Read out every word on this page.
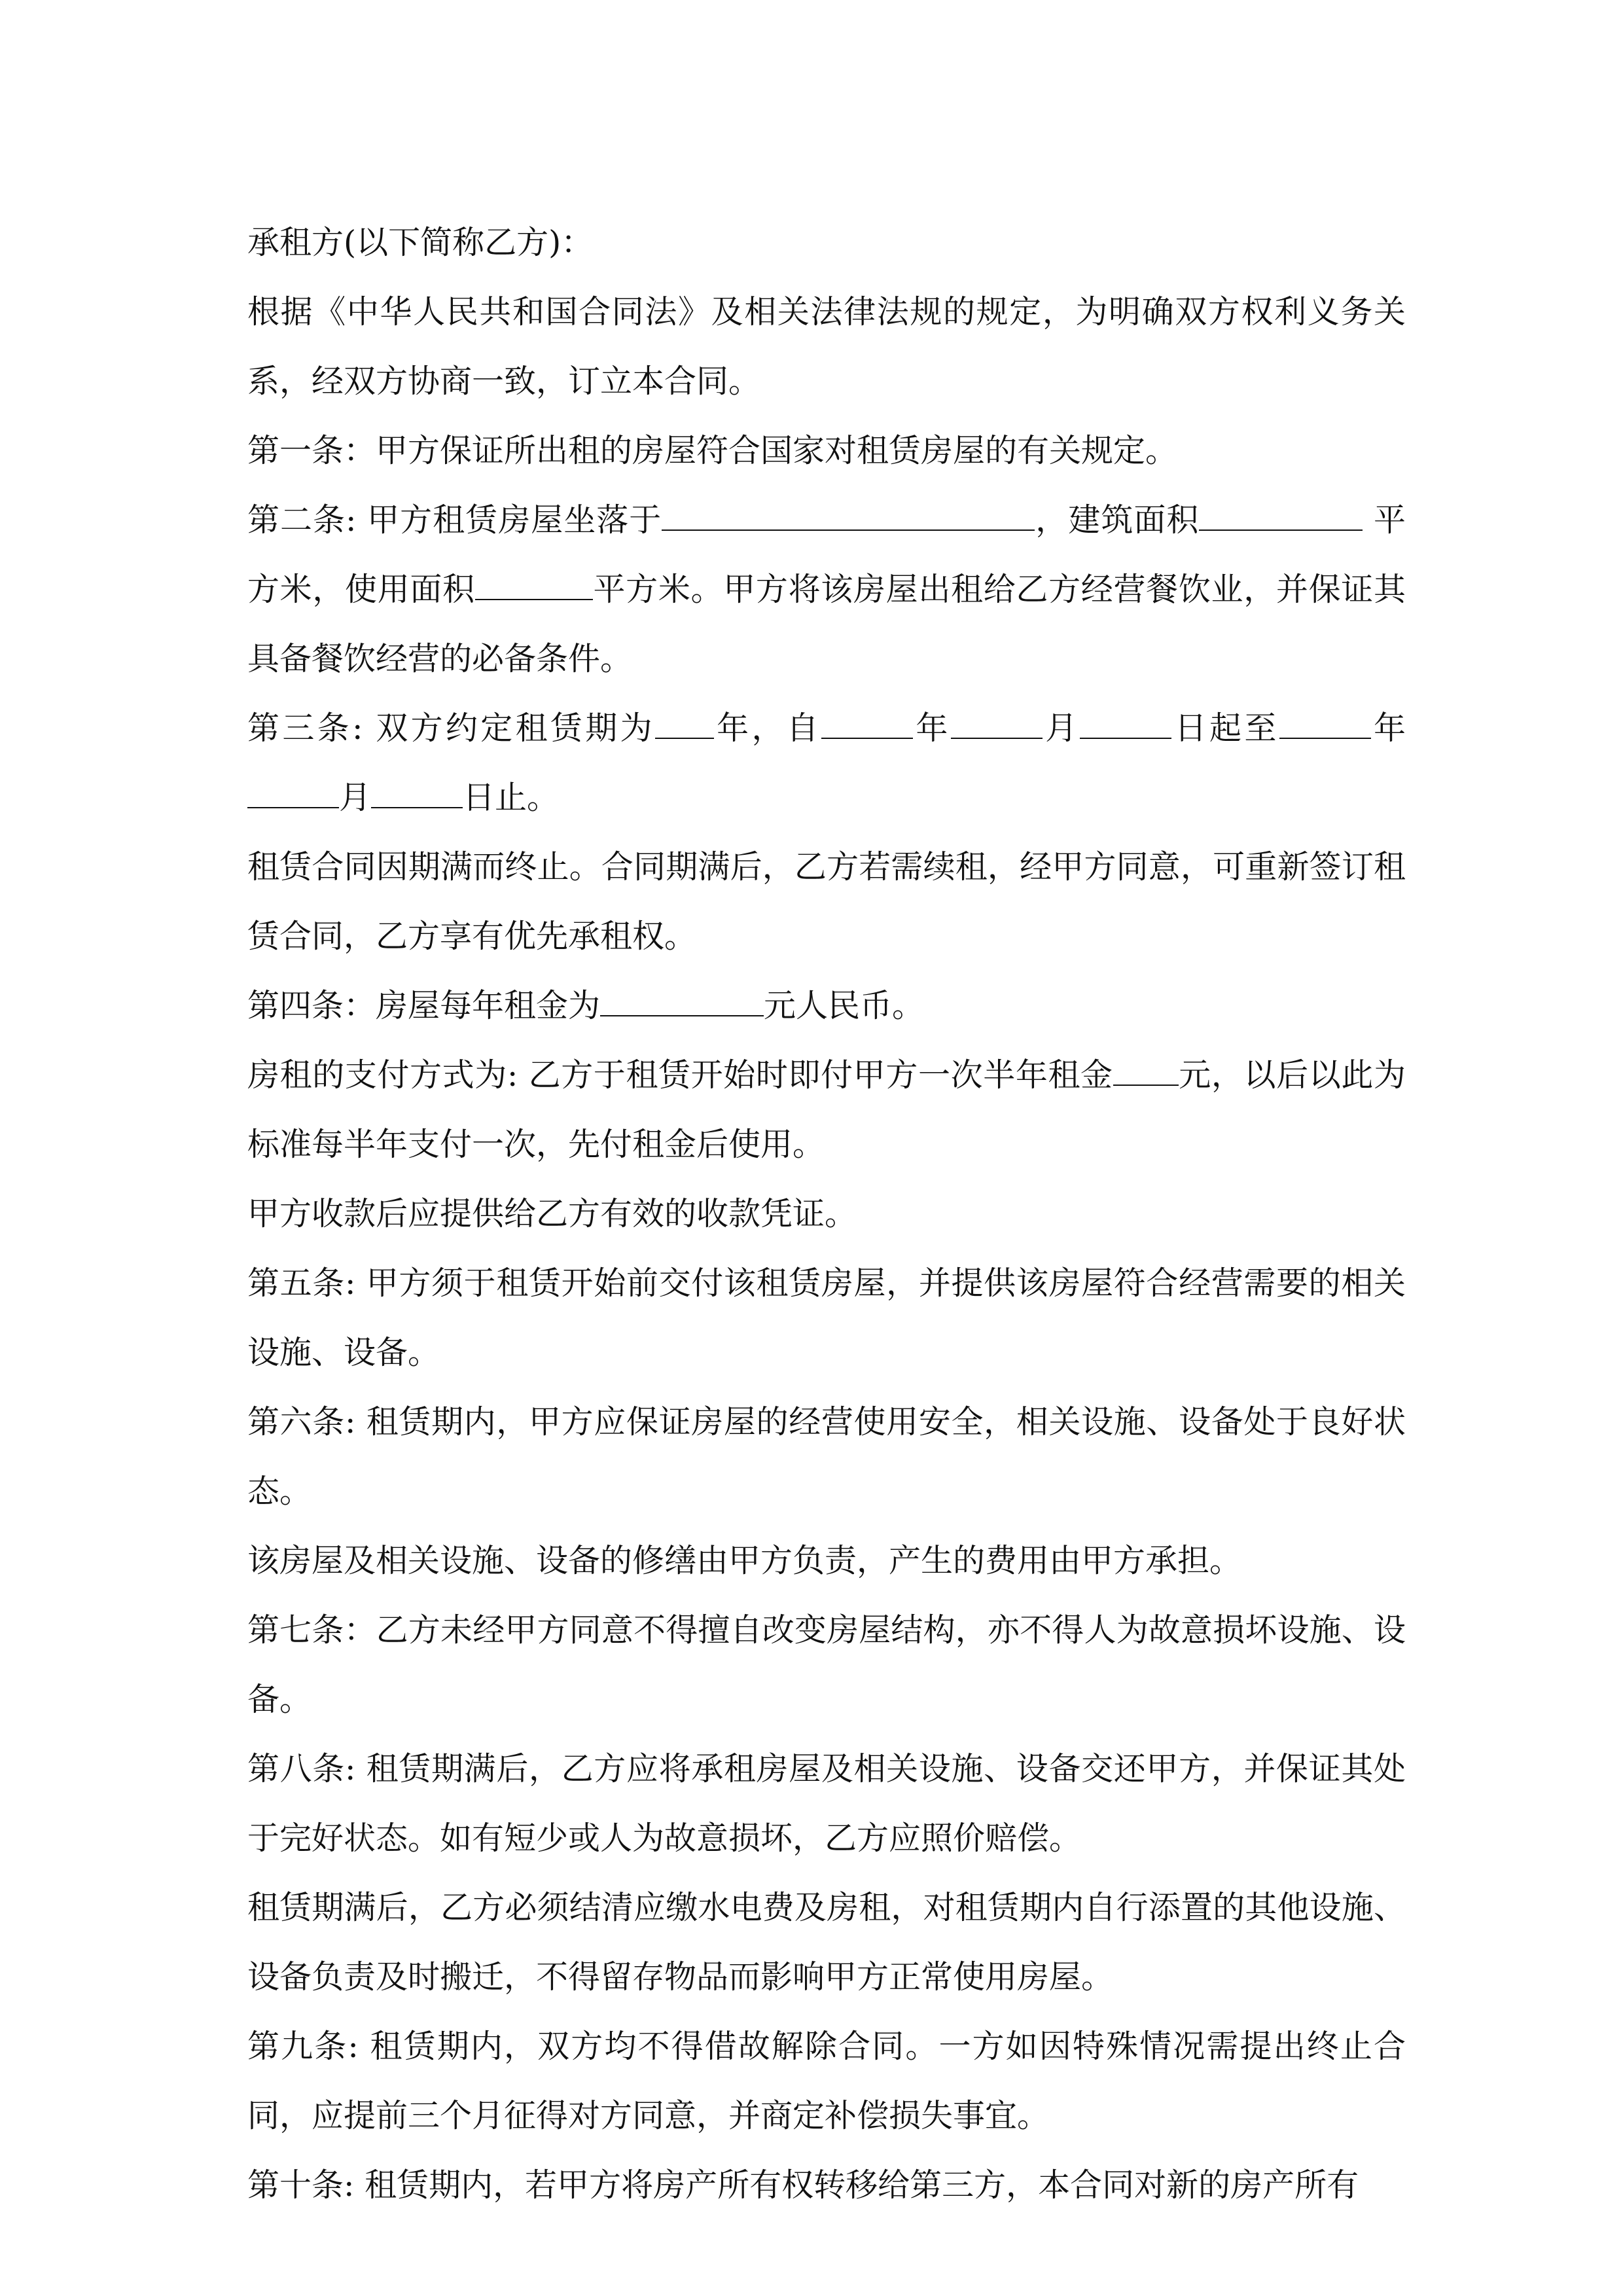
承租方(以下简称乙方)：

根据《中华人民共和国合同法》及相关法律法规的规定，为明确双方权利义务关系，经双方协商一致，订立本合同。

第一条：甲方保证所出租的房屋符合国家对租赁房屋的有关规定。

第二条: 甲方租赁房屋坐落于	，建筑面积	平方米，使用面积	平方米。甲方将该房屋出租给乙方经营餐饮业，并保证其具备餐饮经营的必备条件。

第三条: 双方约定租赁期为 年，自	年	月	日起至	年月	日止。

租赁合同因期满而终止。合同期满后，乙方若需续租，经甲方同意，可重新签订租赁合同，乙方享有优先承租权。

第四条：房屋每年租金为	元人民币。

房租的支付方式为: 乙方于租赁开始时即付甲方一次半年租金 元，以后以此为标准每半年支付一次，先付租金后使用。

甲方收款后应提供给乙方有效的收款凭证。

第五条: 甲方须于租赁开始前交付该租赁房屋，并提供该房屋符合经营需要的相关设施、设备。

第六条: 租赁期内，甲方应保证房屋的经营使用安全，相关设施、设备处于良好状态。

该房屋及相关设施、设备的修缮由甲方负责，产生的费用由甲方承担。

第七条：乙方未经甲方同意不得擅自改变房屋结构，亦不得人为故意损坏设施、设备。

第八条: 租赁期满后，乙方应将承租房屋及相关设施、设备交还甲方，并保证其处于完好状态。如有短少或人为故意损坏，乙方应照价赔偿。

租赁期满后，乙方必须结清应缴水电费及房租，对租赁期内自行添置的其他设施、设备负责及时搬迁，不得留存物品而影响甲方正常使用房屋。

第九条: 租赁期内，双方均不得借故解除合同。一方如因特殊情况需提出终止合同，应提前三个月征得对方同意，并商定补偿损失事宜。

第十条: 租赁期内，若甲方将房产所有权转移给第三方，本合同对新的房产所有
